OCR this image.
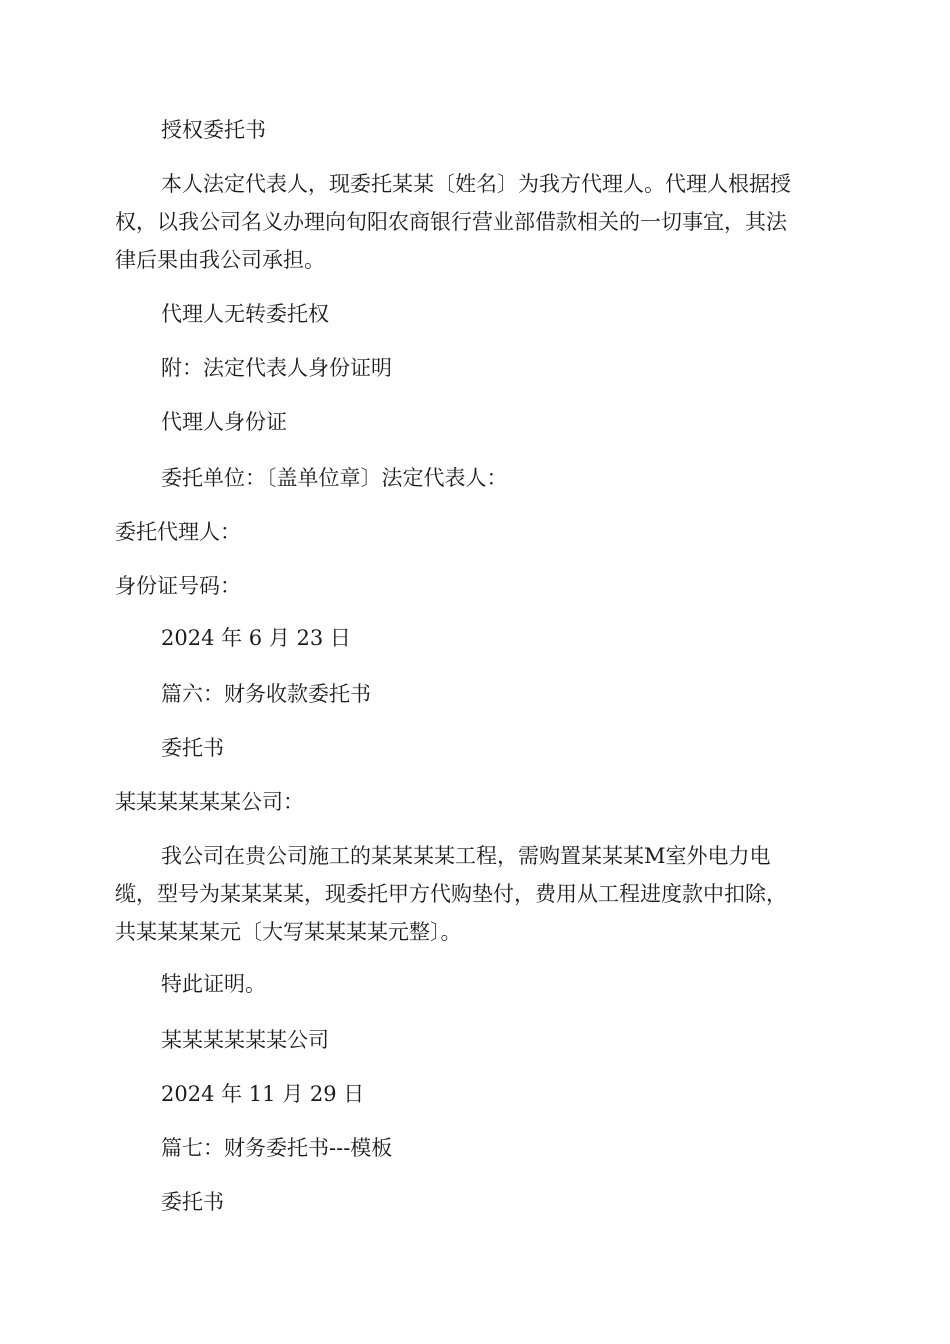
授权委托书
本人法定代表人，现委托某某〔姓名〕为我方代理人。代理人根据授
权，以我公司名义办理向旬阳农商银行营业部借款相关的一切事宜，其法
律后果由我公司承担。
代理人无转委托权
附：法定代表人身份证明
代理人身份证
委托单位：〔盖单位章〕法定代表人：
委托代理人：
身份证号码：
2024 年 6 月 23 日
篇六：财务收款委托书
委托书
某某某某某某公司：
我公司在贵公司施工的某某某某工程，需购置某某某M室外电力电
缆，型号为某某某某，现委托甲方代购垫付，费用从工程进度款中扣除，
共某某某某元〔大写某某某某元整〕。
特此证明。
某某某某某某公司
2024 年 11 月 29 日
篇七：财务委托书---模板
委托书
